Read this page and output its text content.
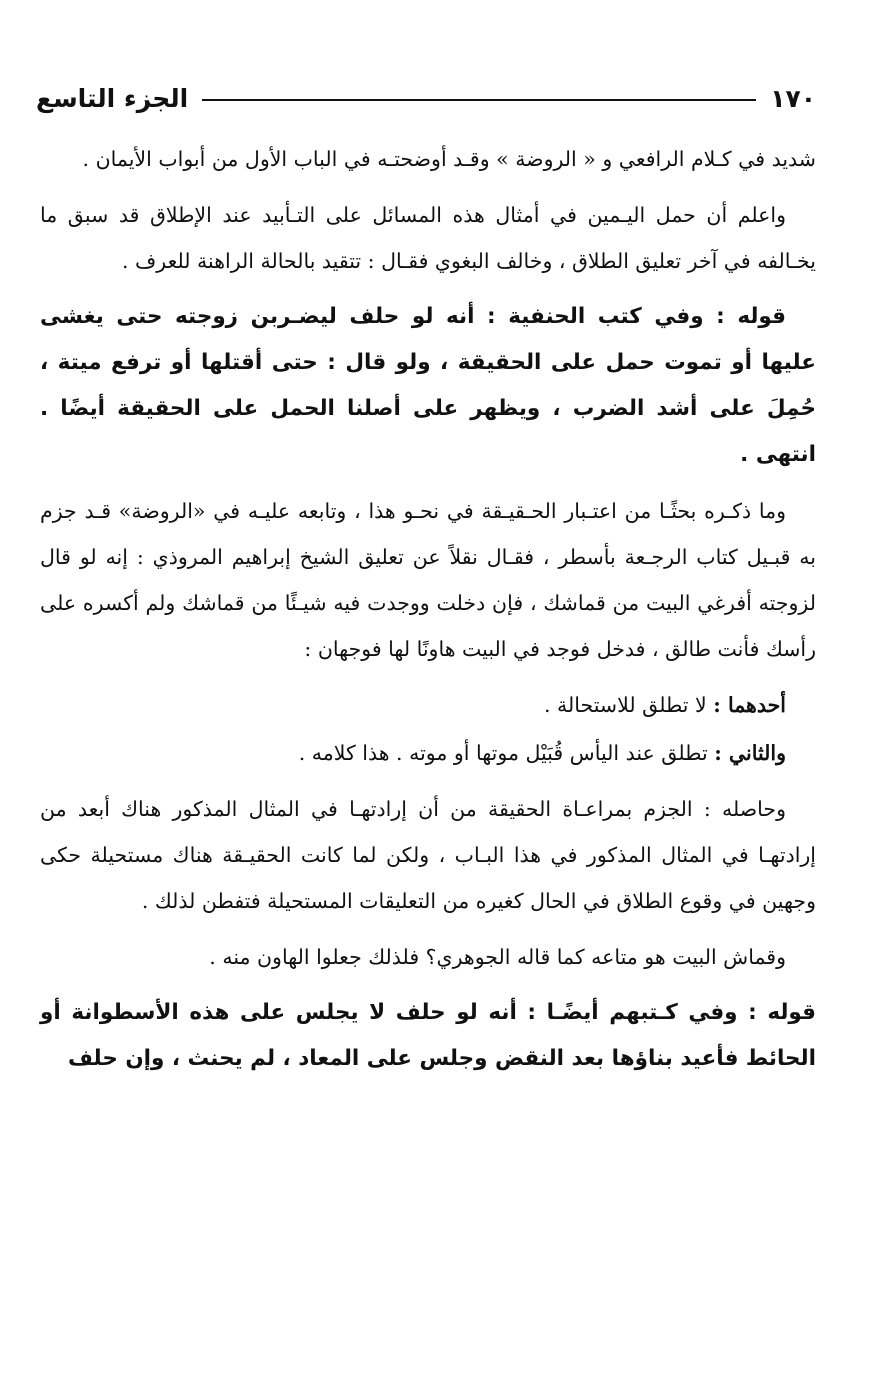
١٧٠
الجزء التاسع

شديد في كـلام الرافعي و « الروضة » وقـد أوضحتـه في الباب الأول من أبواب الأيمان .

واعلم أن حمل اليـمين في أمثال هذه المسائل على التـأبيد عند الإطلاق قد سبق ما يخـالفه في آخر تعليق الطلاق ، وخالف البغوي فقـال : تتقيد بالحالة الراهنة للعرف .

قوله : وفي كتب الحنفية : أنه لو حلف ليضـربن زوجته حتى يغشى عليها أو تموت حمل على الحقيقة ، ولو قال : حتى أقتلها أو ترفع ميتة ، حُمِلَ على أشد الضرب ، ويظهر على أصلنا الحمل على الحقيقة أيضًا . انتهى .

وما ذكـره بحثًـا من اعتـبار الحـقيـقة في نحـو هذا ، وتابعه عليـه في «الروضة» قـد جزم به قبـيل كتاب الرجـعة بأسطر ، فقـال نقلاً عن تعليق الشيخ إبراهيم المروذي : إنه لو قال لزوجته أفرغي البيت من قماشك ، فإن دخلت ووجدت فيه شيـئًا من قماشك ولم أكسره على رأسك فأنت طالق ، فدخل فوجد في البيت هاونًا لها فوجهان :

أحدهما : لا تطلق للاستحالة .

والثاني : تطلق عند اليأس قُبَيْل موتها أو موته . هذا كلامه .

وحاصله : الجزم بمراعـاة الحقيقة من أن إرادتهـا في المثال المذكور هناك أبعد من إرادتهـا في المثال المذكور في هذا البـاب ، ولكن لما كانت الحقيـقة هناك مستحيلة حكى وجهين في وقوع الطلاق في الحال كغيره من التعليقات المستحيلة فتفطن لذلك .

وقماش البيت هو متاعه كما قاله الجوهري؟ فلذلك جعلوا الهاون منه .

قوله : وفي كـتبهم أيضًـا : أنه لو حلف لا يجلس على هذه الأسطوانة أو الحائط فأعيد بناؤها بعد النقض وجلس على المعاد ، لم يحنث ، وإن حلف
